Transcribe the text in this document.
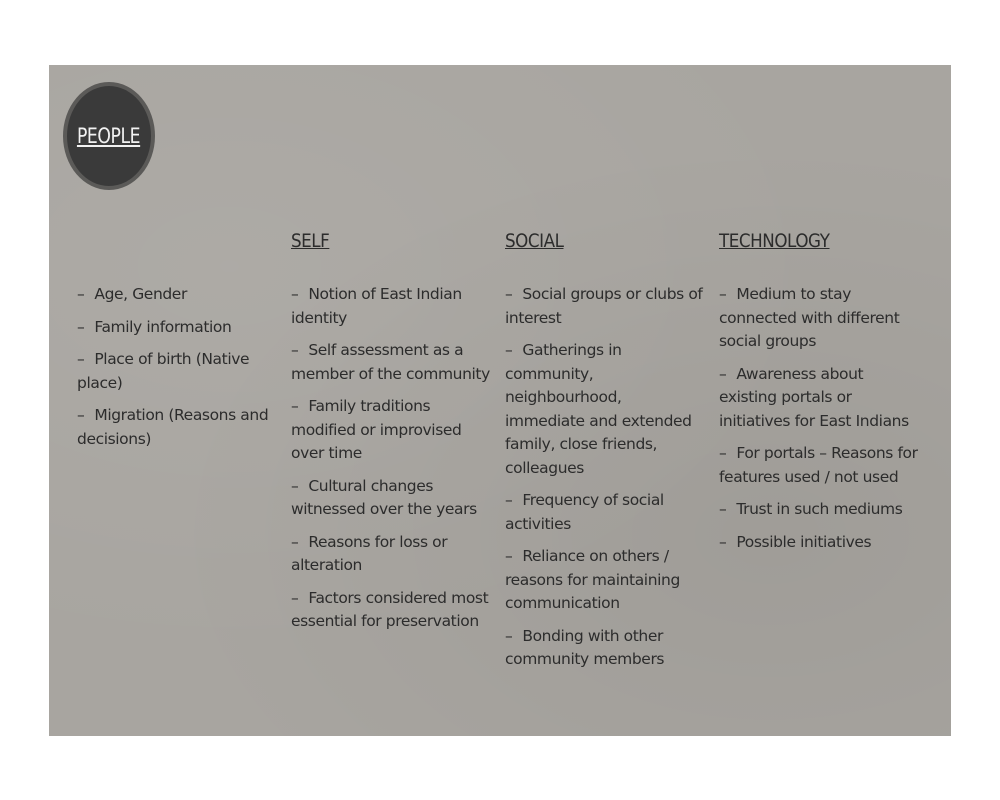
PEOPLE
– Age, Gender
– Family information
– Place of birth (Native place)
– Migration (Reasons and decisions)
SELF
– Notion of East Indian identity
– Self assessment as a member of the community
– Family traditions modified or improvised over time
– Cultural changes witnessed over the years
– Reasons for loss or alteration
– Factors considered most essential for preservation
SOCIAL
– Social groups or clubs of interest
– Gatherings in community, neighbourhood, immediate and extended family, close friends, colleagues
– Frequency of social activities
– Reliance on others / reasons for maintaining communication
– Bonding with other community members
TECHNOLOGY
– Medium to stay connected with different social groups
– Awareness about existing portals or initiatives for East Indians
– For portals – Reasons for features used / not used
– Trust in such mediums
– Possible initiatives
